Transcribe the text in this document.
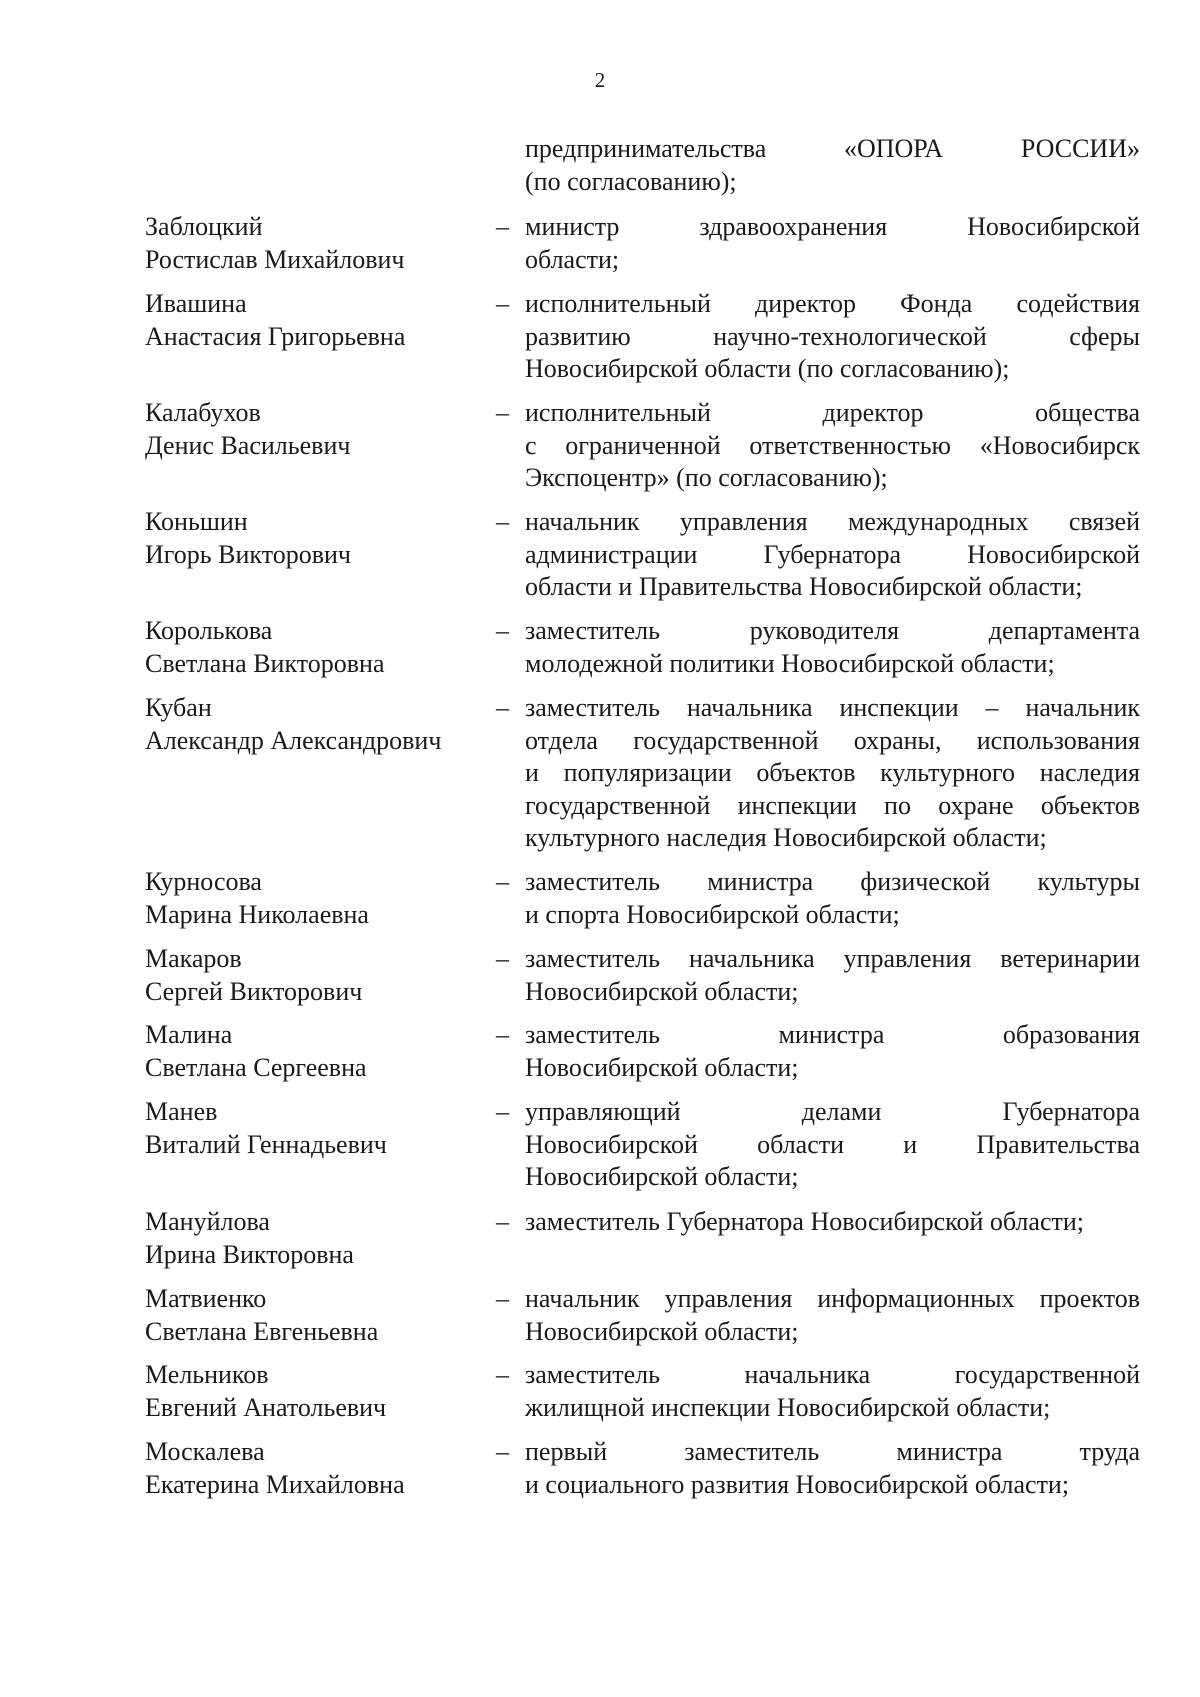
2
предпринимательства «ОПОРА РОССИИ»
(по согласованию);
Заблоцкий
Ростислав Михайлович
– министр здравоохранения Новосибирской
области;
Ивашина
Анастасия Григорьевна
– исполнительный директор Фонда содействия
развитию научно-технологической сферы
Новосибирской области (по согласованию);
Калабухов
Денис Васильевич
– исполнительный директор общества
с ограниченной ответственностью «Новосибирск
Экспоцентр» (по согласованию);
Коньшин
Игорь Викторович
– начальник управления международных связей
администрации Губернатора Новосибирской
области и Правительства Новосибирской области;
Королькова
Светлана Викторовна
– заместитель руководителя департамента
молодежной политики Новосибирской области;
Кубан
Александр Александрович
– заместитель начальника инспекции – начальник
отдела государственной охраны, использования
и популяризации объектов культурного наследия
государственной инспекции по охране объектов
культурного наследия Новосибирской области;
Курносова
Марина Николаевна
– заместитель министра физической культуры
и спорта Новосибирской области;
Макаров
Сергей Викторович
– заместитель начальника управления ветеринарии
Новосибирской области;
Малина
Светлана Сергеевна
– заместитель министра образования
Новосибирской области;
Манев
Виталий Геннадьевич
– управляющий делами Губернатора
Новосибирской области и Правительства
Новосибирской области;
Мануйлова
Ирина Викторовна
– заместитель Губернатора Новосибирской области;
Матвиенко
Светлана Евгеньевна
– начальник управления информационных проектов
Новосибирской области;
Мельников
Евгений Анатольевич
– заместитель начальника государственной
жилищной инспекции Новосибирской области;
Москалева
Екатерина Михайловна
– первый заместитель министра труда
и социального развития Новосибирской области;
